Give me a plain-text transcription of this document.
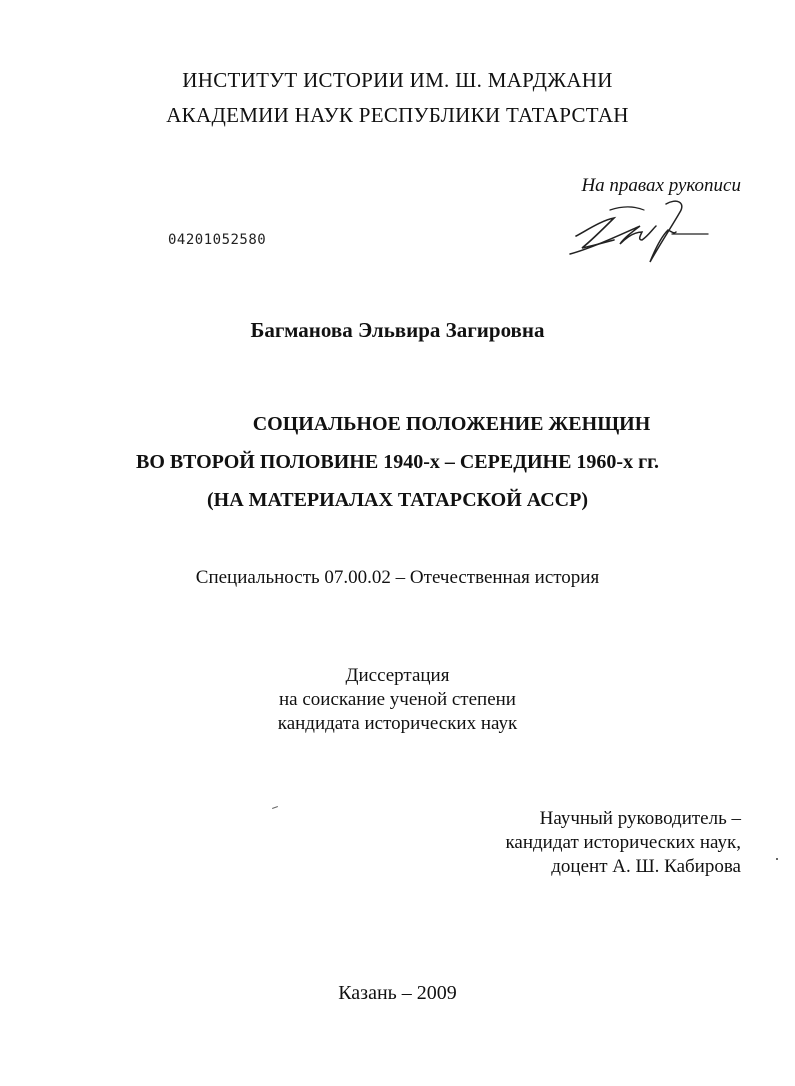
ИНСТИТУТ ИСТОРИИ ИМ. Ш. МАРДЖАНИ
АКАДЕМИИ НАУК РЕСПУБЛИКИ ТАТАРСТАН
На правах рукописи
04201052580
Багманова Эльвира Загировна
СОЦИАЛЬНОЕ ПОЛОЖЕНИЕ ЖЕНЩИН
ВО ВТОРОЙ ПОЛОВИНЕ 1940-х – СЕРЕДИНЕ 1960-х гг.
(НА МАТЕРИАЛАХ ТАТАРСКОЙ АССР)
Специальность 07.00.02 – Отечественная история
Диссертация
на соискание ученой степени
кандидата исторических наук
Научный руководитель –
кандидат исторических наук,
доцент А. Ш. Кабирова
Казань – 2009
